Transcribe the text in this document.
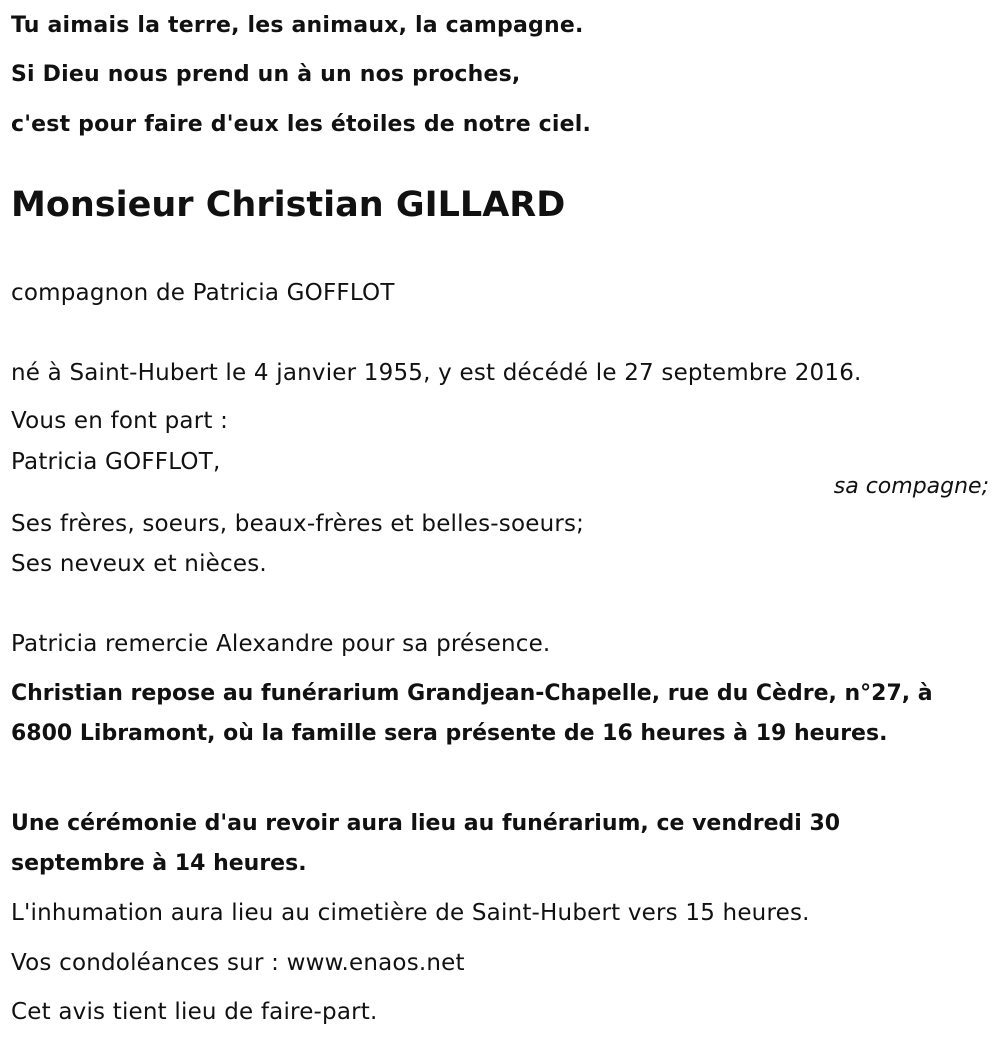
Tu aimais la terre, les animaux, la campagne.
Si Dieu nous prend un à un nos proches,
c'est pour faire d'eux les étoiles de notre ciel.
Monsieur Christian GILLARD
compagnon de Patricia GOFFLOT
né à Saint-Hubert le 4 janvier 1955, y est décédé le 27 septembre 2016.
Vous en font part :
Patricia GOFFLOT,
sa compagne;
Ses frères, soeurs, beaux-frères et belles-soeurs;
Ses neveux et nièces.
Patricia remercie Alexandre pour sa présence.
Christian repose au funérarium Grandjean-Chapelle, rue du Cèdre, n°27, à 6800 Libramont, où la famille sera présente de 16 heures à 19 heures.
Une cérémonie d'au revoir aura lieu au funérarium, ce vendredi 30 septembre à 14 heures.
L'inhumation aura lieu au cimetière de Saint-Hubert vers 15 heures.
Vos condoléances sur : www.enaos.net
Cet avis tient lieu de faire-part.
